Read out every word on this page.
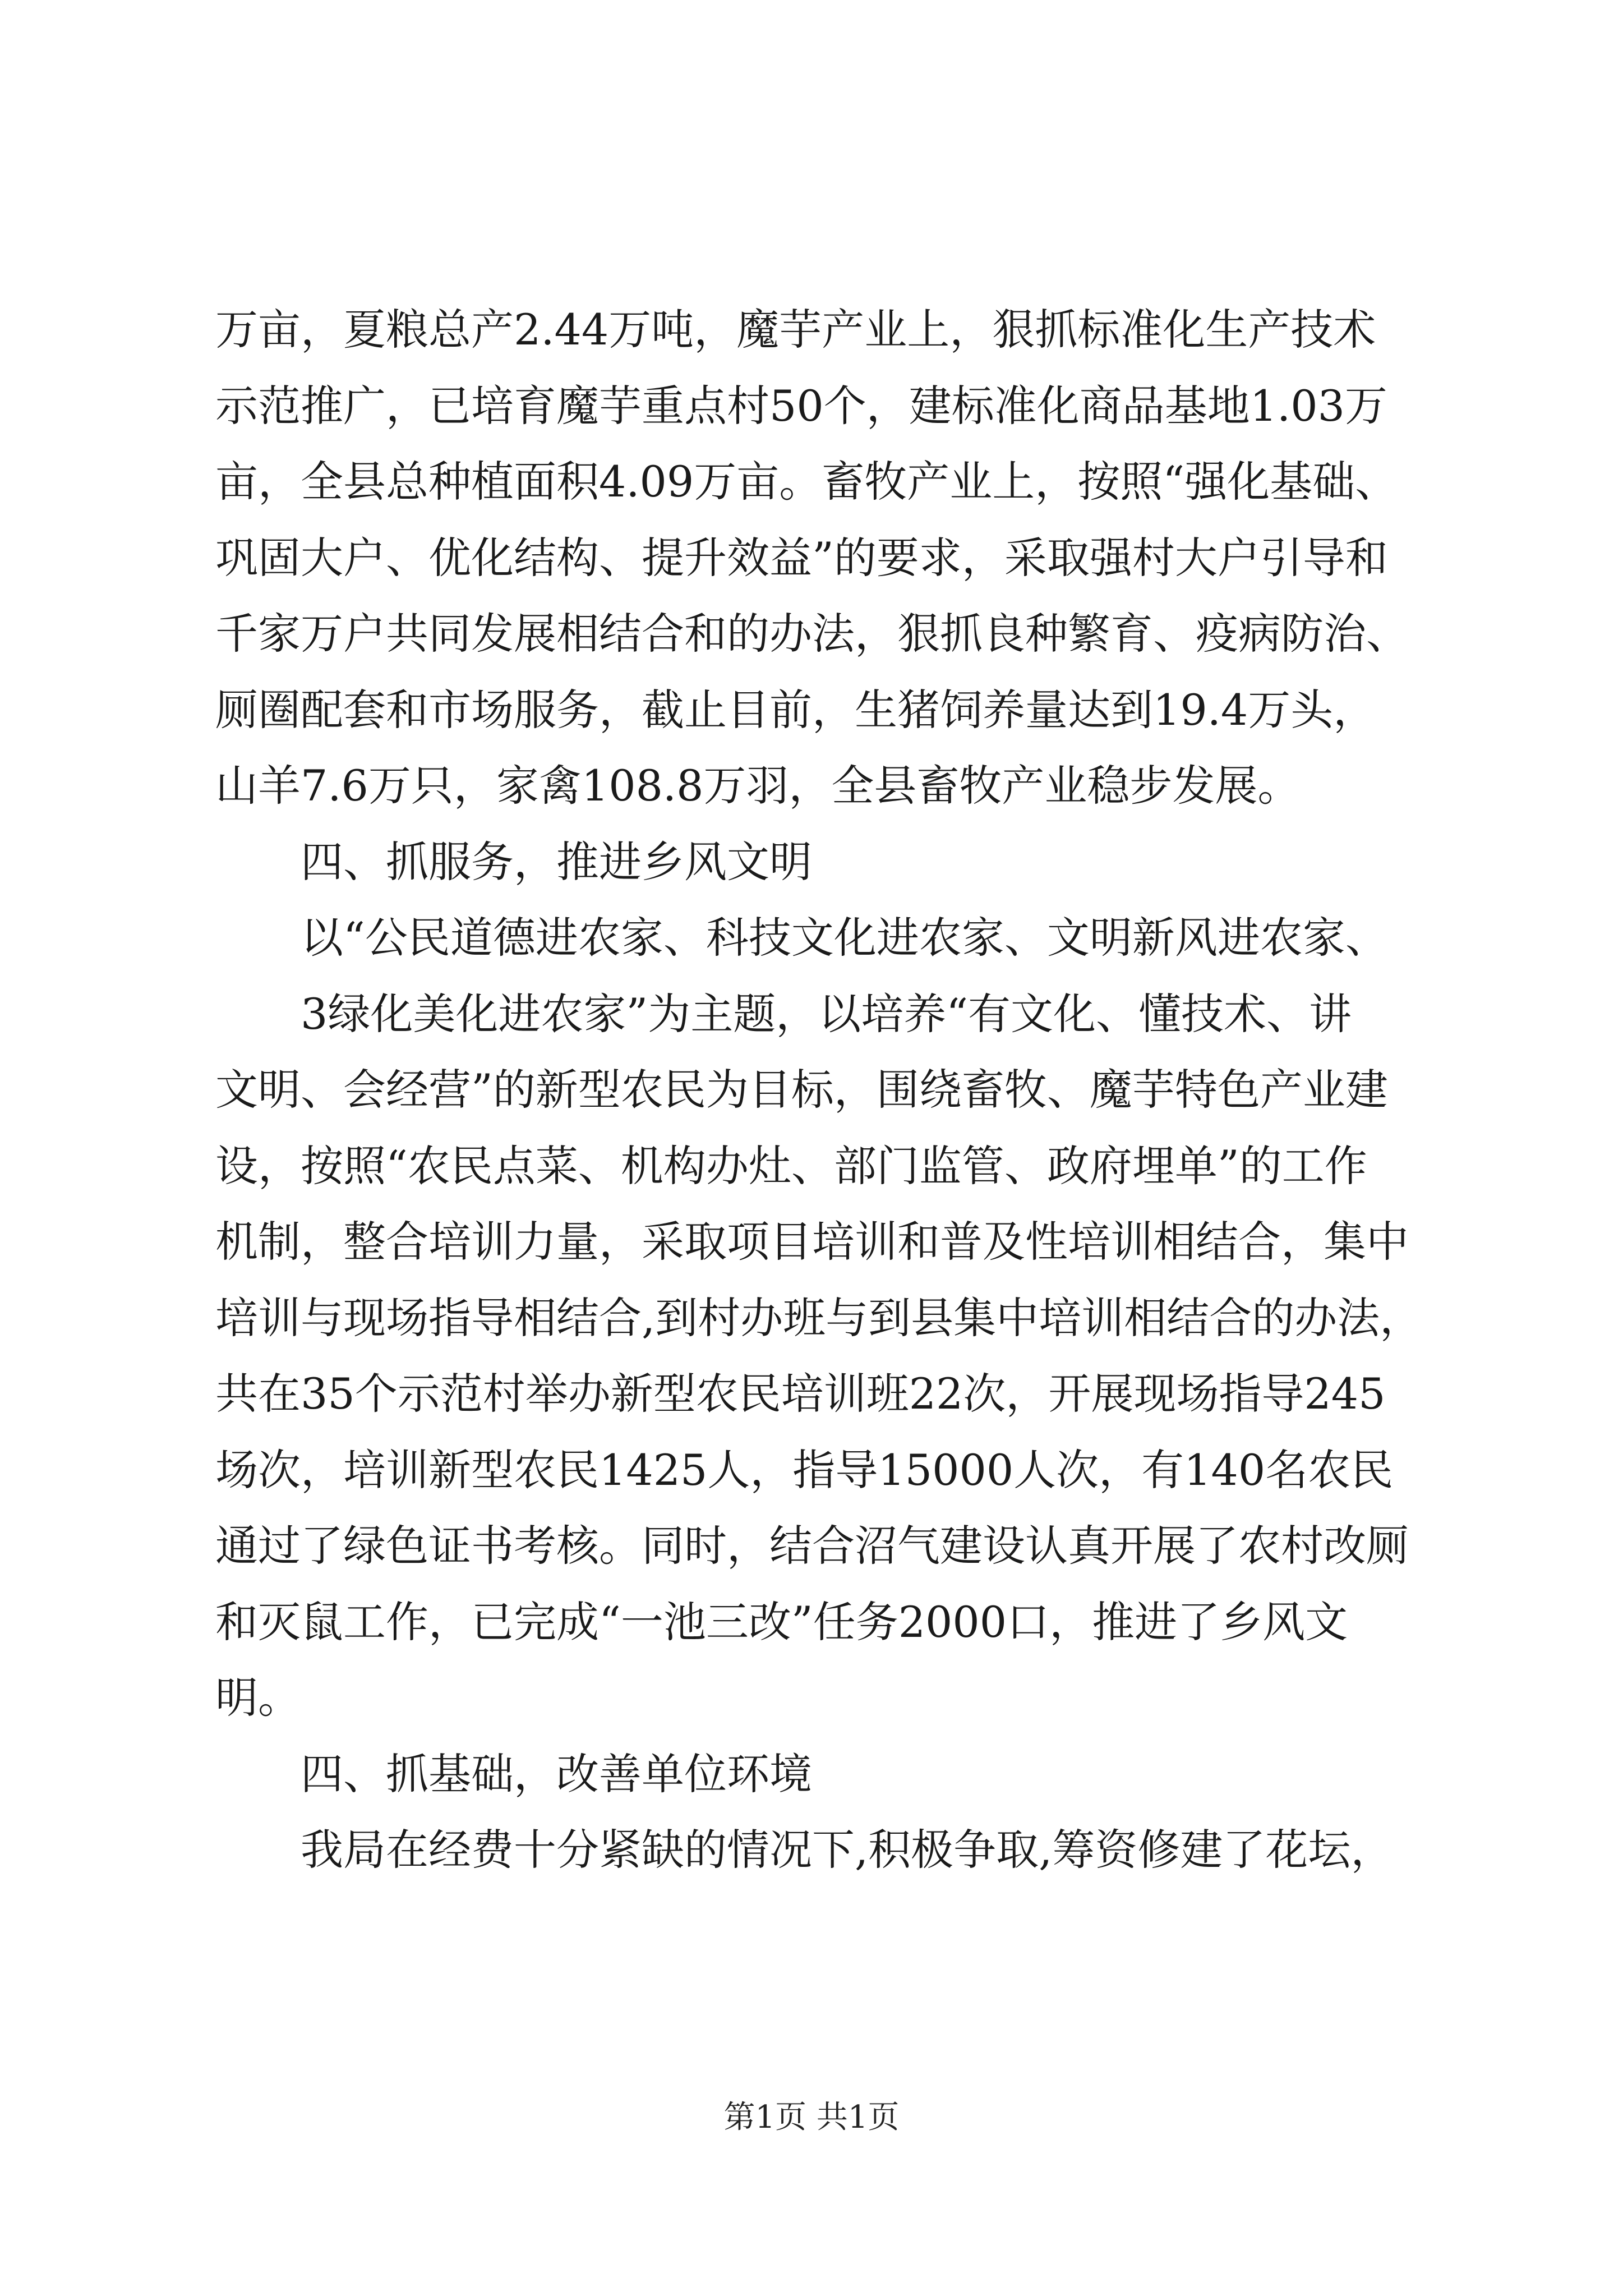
万亩，夏粮总产2.44万吨，魔芋产业上，狠抓标准化生产技术
示范推广，已培育魔芋重点村50个，建标准化商品基地1.03万
亩，全县总种植面积4.09万亩。畜牧产业上，按照“强化基础、
巩固大户、优化结构、提升效益”的要求，采取强村大户引导和
千家万户共同发展相结合和的办法，狠抓良种繁育、疫病防治、
厕圈配套和市场服务，截止目前，生猪饲养量达到19.4万头，
山羊7.6万只，家禽108.8万羽，全县畜牧产业稳步发展。
四、抓服务，推进乡风文明
以“公民道德进农家、科技文化进农家、文明新风进农家、
3绿化美化进农家”为主题，以培养“有文化、懂技术、讲
文明、会经营”的新型农民为目标，围绕畜牧、魔芋特色产业建
设，按照“农民点菜、机构办灶、部门监管、政府埋单”的工作
机制，整合培训力量，采取项目培训和普及性培训相结合，集中
培训与现场指导相结合,到村办班与到县集中培训相结合的办法，
共在35个示范村举办新型农民培训班22次，开展现场指导245
场次，培训新型农民1425人，指导15000人次，有140名农民
通过了绿色证书考核。同时，结合沼气建设认真开展了农村改厕
和灭鼠工作，已完成“一池三改”任务2000口，推进了乡风文
明。
四、抓基础，改善单位环境
我局在经费十分紧缺的情况下,积极争取,筹资修建了花坛，
第1页 共1页
